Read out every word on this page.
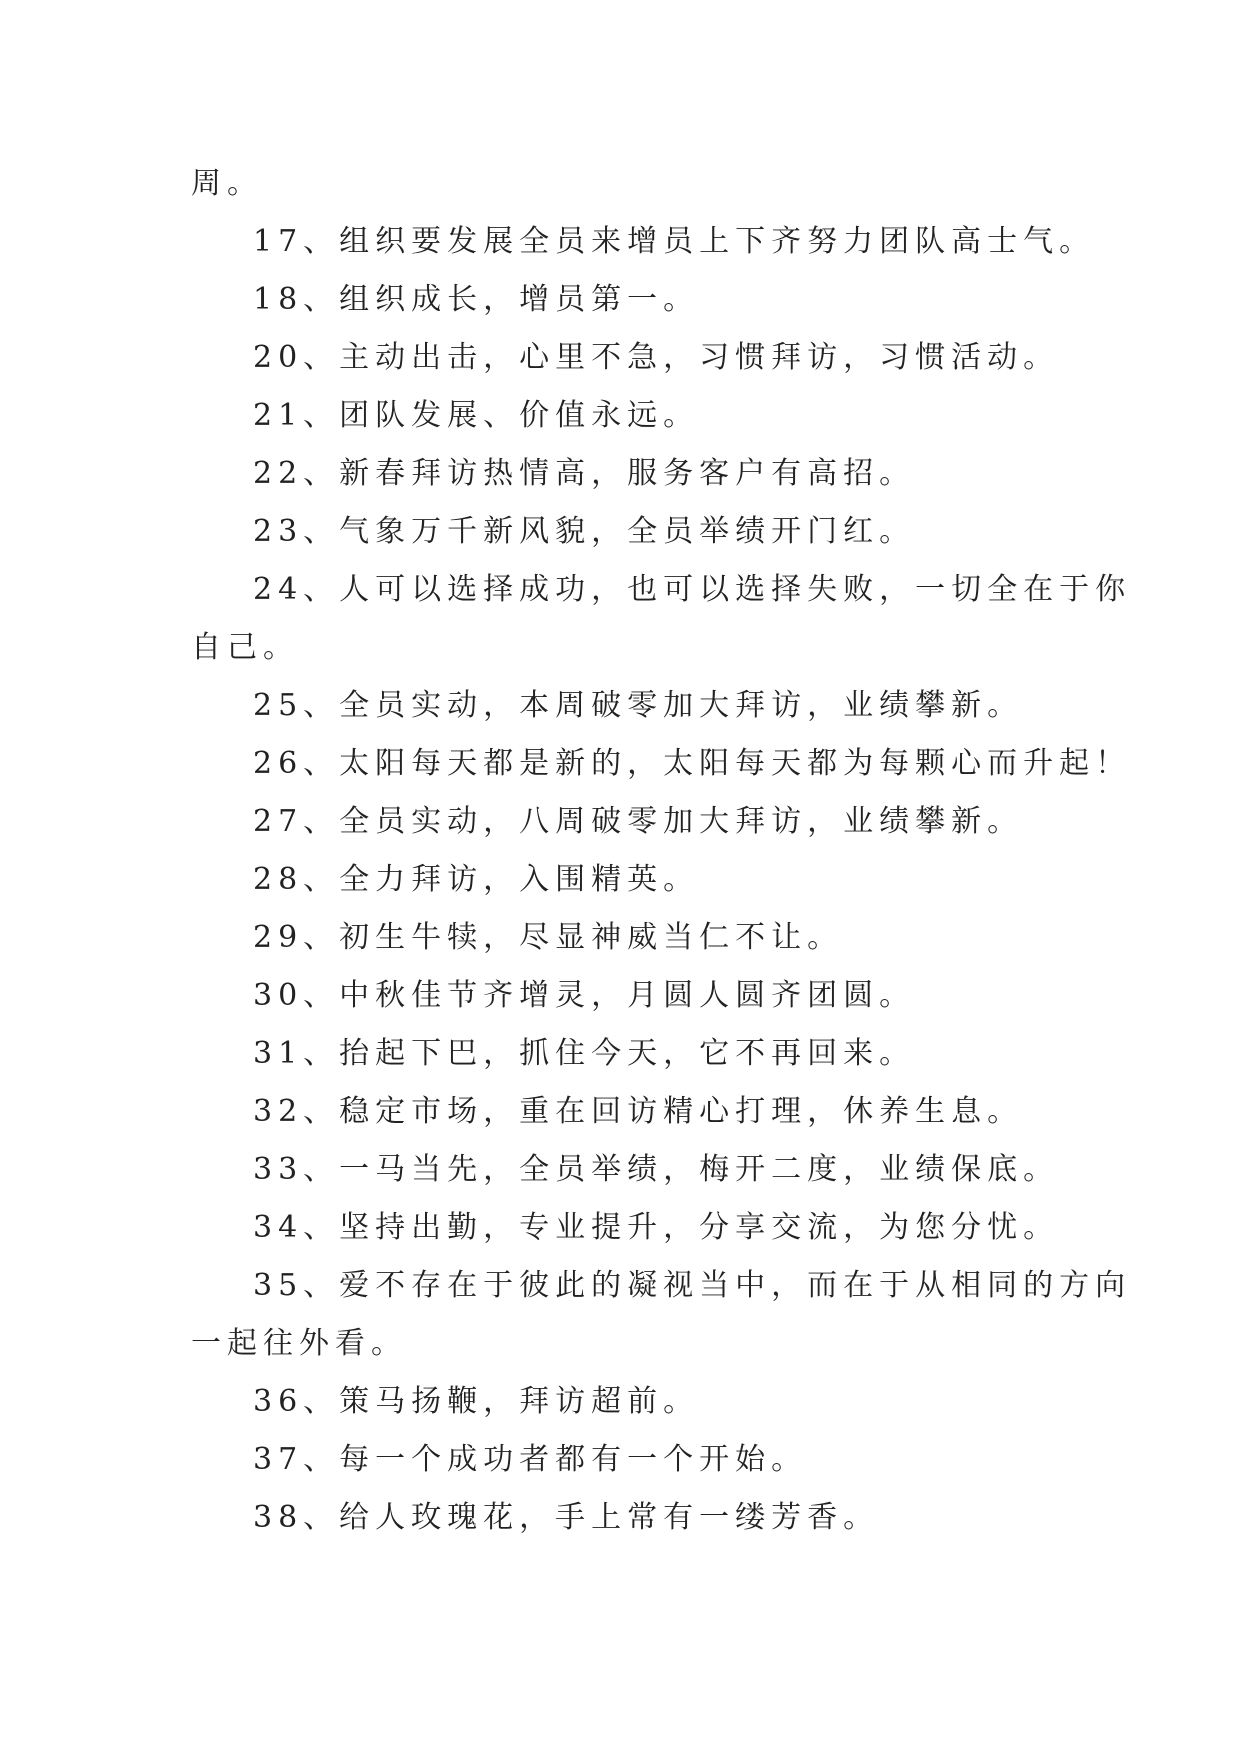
周。
17、组织要发展全员来增员上下齐努力团队高士气。
18、组织成长，增员第一。
20、主动出击，心里不急，习惯拜访，习惯活动。
21、团队发展、价值永远。
22、新春拜访热情高，服务客户有高招。
23、气象万千新风貌，全员举绩开门红。
24、人可以选择成功，也可以选择失败，一切全在于你
自己。
25、全员实动，本周破零加大拜访，业绩攀新。
26、太阳每天都是新的，太阳每天都为每颗心而升起！
27、全员实动，八周破零加大拜访，业绩攀新。
28、全力拜访，入围精英。
29、初生牛犊，尽显神威当仁不让。
30、中秋佳节齐增灵，月圆人圆齐团圆。
31、抬起下巴，抓住今天，它不再回来。
32、稳定市场，重在回访精心打理，休养生息。
33、一马当先，全员举绩，梅开二度，业绩保底。
34、坚持出勤，专业提升，分享交流，为您分忧。
35、爱不存在于彼此的凝视当中，而在于从相同的方向
一起往外看。
36、策马扬鞭，拜访超前。
37、每一个成功者都有一个开始。
38、给人玫瑰花，手上常有一缕芳香。
